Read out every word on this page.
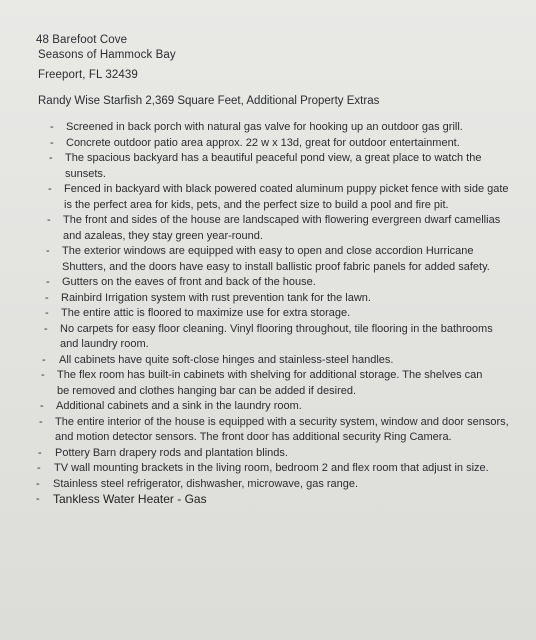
48 Barefoot Cove
Seasons of Hammock Bay
Freeport, FL 32439
Randy Wise Starfish 2,369 Square Feet, Additional Property Extras
- Screened in back porch with natural gas valve for hooking up an outdoor gas grill.
- Concrete outdoor patio area approx. 22 w x 13d, great for outdoor entertainment.
- The spacious backyard has a beautiful peaceful pond view, a great place to watch the sunsets.
- Fenced in backyard with black powered coated aluminum puppy picket fence with side gate is the perfect area for kids, pets, and the perfect size to build a pool and fire pit.
- The front and sides of the house are landscaped with flowering evergreen dwarf camellias and azaleas, they stay green year-round.
- The exterior windows are equipped with easy to open and close accordion Hurricane Shutters, and the doors have easy to install ballistic proof fabric panels for added safety.
- Gutters on the eaves of front and back of the house.
- Rainbird Irrigation system with rust prevention tank for the lawn.
- The entire attic is floored to maximize use for extra storage.
- No carpets for easy floor cleaning. Vinyl flooring throughout, tile flooring in the bathrooms and laundry room.
- All cabinets have quite soft-close hinges and stainless-steel handles.
- The flex room has built-in cabinets with shelving for additional storage. The shelves can be removed and clothes hanging bar can be added if desired.
- Additional cabinets and a sink in the laundry room.
- The entire interior of the house is equipped with a security system, window and door sensors, and motion detector sensors. The front door has additional security Ring Camera.
- Pottery Barn drapery rods and plantation blinds.
- TV wall mounting brackets in the living room, bedroom 2 and flex room that adjust in size.
- Stainless steel refrigerator, dishwasher, microwave, gas range.
- Tankless Water Heater - Gas
